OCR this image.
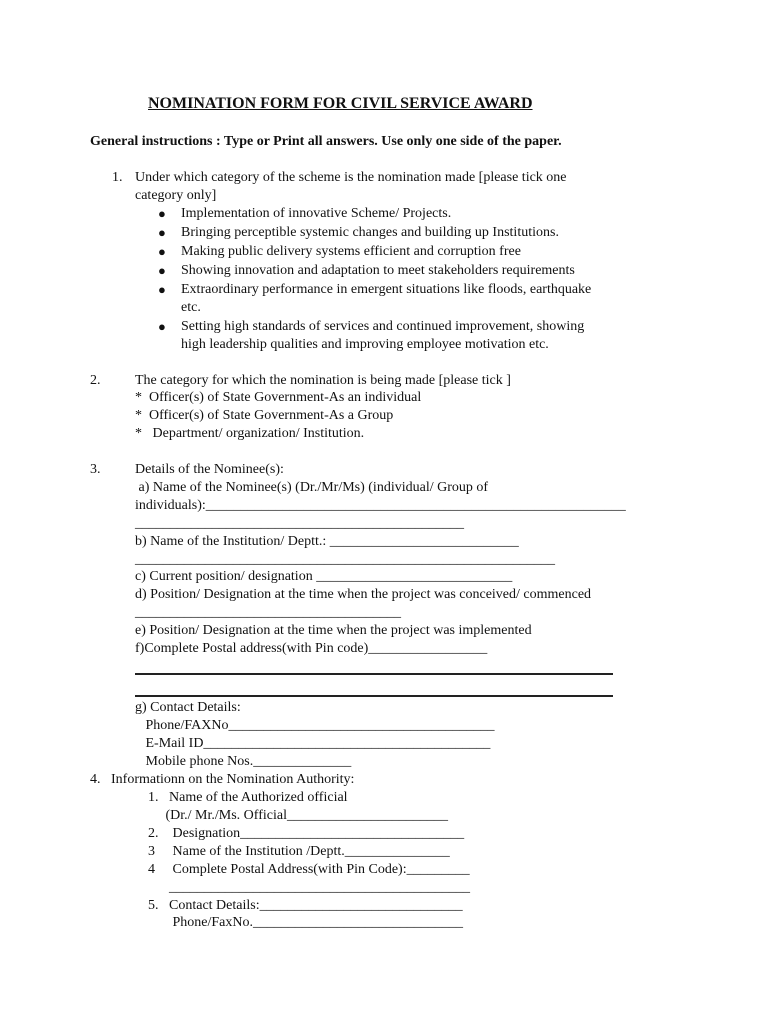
NOMINATION FORM FOR CIVIL SERVICE AWARD
General instructions : Type or Print all answers. Use only one side of the paper.
1. Under which category of the scheme is the nomination made [please tick one
category only]
● Implementation of innovative Scheme/ Projects.
● Bringing perceptible systemic changes and building up Institutions.
● Making public delivery systems efficient and corruption free
● Showing innovation and adaptation to meet stakeholders requirements
● Extraordinary performance in emergent situations like floods, earthquake
etc.
● Setting high standards of services and continued improvement, showing
high leadership qualities and improving employee motivation etc.
2. The category for which the nomination is being made [please tick ]
*  Officer(s) of State Government-As an individual
*  Officer(s) of State Government-As a Group
*   Department/ organization/ Institution.
3. Details of the Nominee(s):
a) Name of the Nominee(s) (Dr./Mr/Ms) (individual/ Group of
individuals):____________________________________________________________
_______________________________________________
b) Name of the Institution/ Deptt.: ___________________________
____________________________________________________________
c) Current position/ designation ____________________________
d) Position/ Designation at the time when the project was conceived/ commenced
______________________________________
e) Position/ Designation at the time when the project was implemented
f)Complete Postal address(with Pin code)_________________
g) Contact Details:
Phone/FAXNo______________________________________
E-Mail ID_________________________________________
Mobile phone Nos.______________
4.   Informationn on the Nomination Authority:
1.   Name of the Authorized official
(Dr./ Mr./Ms. Official_______________________
2.    Designation________________________________
3     Name of the Institution /Deptt._______________
4     Complete Postal Address(with Pin Code):_________
___________________________________________
5.   Contact Details:_____________________________
Phone/FaxNo.______________________________
